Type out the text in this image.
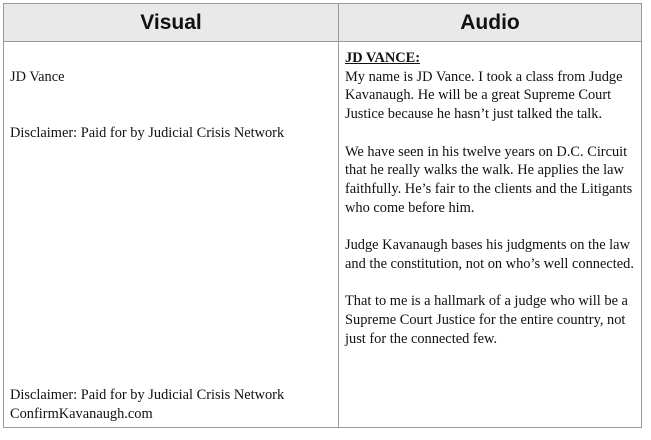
Visual	Audio
JD Vance
Disclaimer: Paid for by Judicial Crisis Network
Disclaimer: Paid for by Judicial Crisis Network
ConfirmKavanaugh.com
JD VANCE:

My name is JD Vance. I took a class from Judge Kavanaugh. He will be a great Supreme Court Justice because he hasn’t just talked the talk.

We have seen in his twelve years on D.C. Circuit that he really walks the walk. He applies the law faithfully. He’s fair to the clients and the Litigants who come before him.

Judge Kavanaugh bases his judgments on the law and the constitution, not on who’s well connected.

That to me is a hallmark of a judge who will be a Supreme Court Justice for the entire country, not just for the connected few.
